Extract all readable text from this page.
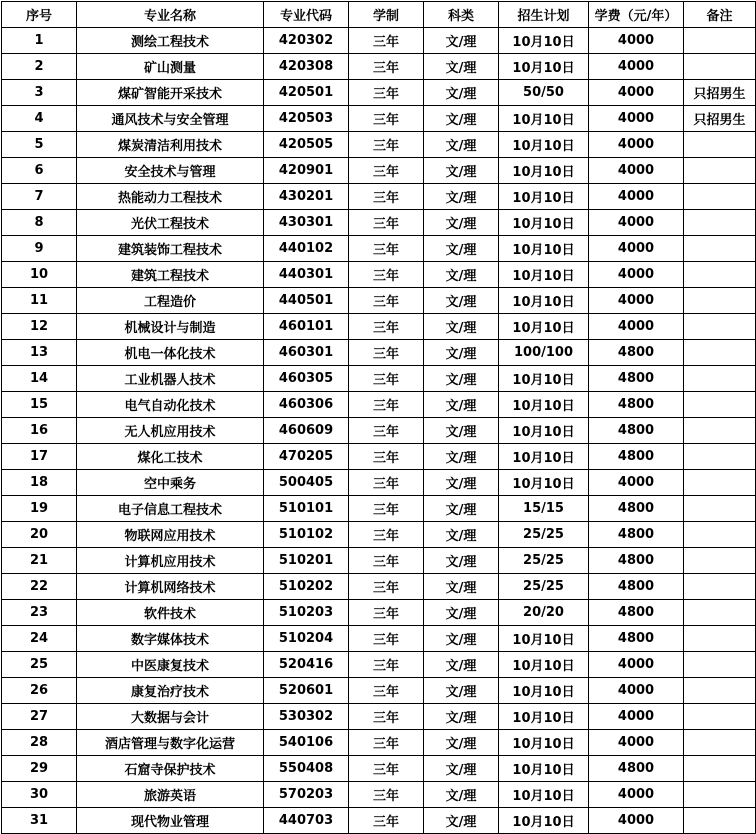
序号	专业名称	专业代码	学制	科类	招生计划	学费（元/年）	备注
1	测绘工程技术	420302	三年	文/理	10月10日	4000	
2	矿山测量	420308	三年	文/理	10月10日	4000	
3	煤矿智能开采技术	420501	三年	文/理	50/50	4000	只招男生
4	通风技术与安全管理	420503	三年	文/理	10月10日	4000	只招男生
5	煤炭清洁利用技术	420505	三年	文/理	10月10日	4000	
6	安全技术与管理	420901	三年	文/理	10月10日	4000	
7	热能动力工程技术	430201	三年	文/理	10月10日	4000	
8	光伏工程技术	430301	三年	文/理	10月10日	4000	
9	建筑装饰工程技术	440102	三年	文/理	10月10日	4000	
10	建筑工程技术	440301	三年	文/理	10月10日	4000	
11	工程造价	440501	三年	文/理	10月10日	4000	
12	机械设计与制造	460101	三年	文/理	10月10日	4000	
13	机电一体化技术	460301	三年	文/理	100/100	4800	
14	工业机器人技术	460305	三年	文/理	10月10日	4800	
15	电气自动化技术	460306	三年	文/理	10月10日	4800	
16	无人机应用技术	460609	三年	文/理	10月10日	4800	
17	煤化工技术	470205	三年	文/理	10月10日	4800	
18	空中乘务	500405	三年	文/理	10月10日	4000	
19	电子信息工程技术	510101	三年	文/理	15/15	4800	
20	物联网应用技术	510102	三年	文/理	25/25	4800	
21	计算机应用技术	510201	三年	文/理	25/25	4800	
22	计算机网络技术	510202	三年	文/理	25/25	4800	
23	软件技术	510203	三年	文/理	20/20	4800	
24	数字媒体技术	510204	三年	文/理	10月10日	4800	
25	中医康复技术	520416	三年	文/理	10月10日	4000	
26	康复治疗技术	520601	三年	文/理	10月10日	4000	
27	大数据与会计	530302	三年	文/理	10月10日	4000	
28	酒店管理与数字化运营	540106	三年	文/理	10月10日	4000	
29	石窟寺保护技术	550408	三年	文/理	10月10日	4800	
30	旅游英语	570203	三年	文/理	10月10日	4000	
31	现代物业管理	440703	三年	文/理	10月10日	4000	
